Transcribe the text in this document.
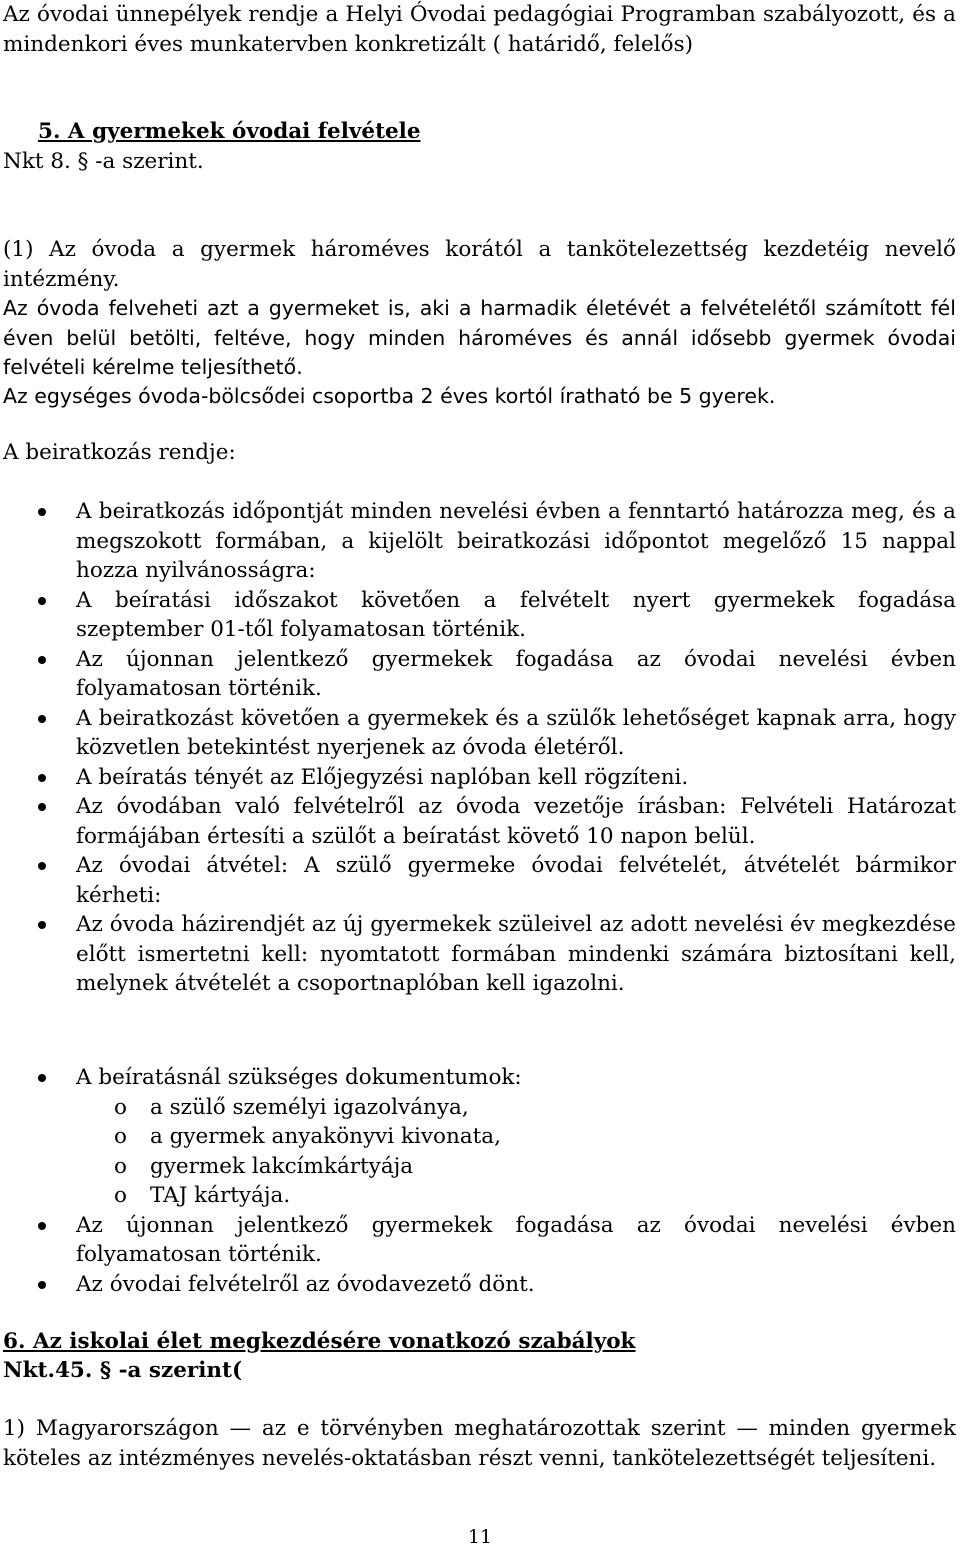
Az óvodai ünnepélyek rendje a Helyi Óvodai pedagógiai Programban szabályozott, és a mindenkori éves munkatervben konkretizált ( határidő, felelős)

5. A gyermekek óvodai felvétele

Nkt 8. § -a szerint.

(1) Az óvoda a gyermek hároméves korától a tankötelezettség kezdetéig nevelő intézmény.

Az óvoda felveheti azt a gyermeket is, aki a harmadik életévét a felvételétől számított fél éven belül betölti, feltéve, hogy minden hároméves és annál idősebb gyermek óvodai felvételi kérelme teljesíthető.

Az egységes óvoda-bölcsődei csoportba 2 éves kortól íratható be 5 gyerek.

A beiratkozás rendje:

A beiratkozás időpontját minden nevelési évben a fenntartó határozza meg, és a megszokott formában, a kijelölt beiratkozási időpontot megelőző 15 nappal hozza nyilvánosságra:
A beíratási időszakot követően a felvételt nyert gyermekek fogadása szeptember 01-től folyamatosan történik.
Az újonnan jelentkező gyermekek fogadása az óvodai nevelési évben folyamatosan történik.
A beiratkozást követően a gyermekek és a szülők lehetőséget kapnak arra, hogy közvetlen betekintést nyerjenek az óvoda életéről.
A beíratás tényét az Előjegyzési naplóban kell rögzíteni.
Az óvodában való felvételről az óvoda vezetője írásban: Felvételi Határozat formájában értesíti a szülőt a beíratást követő 10 napon belül.
Az óvodai átvétel: A szülő gyermeke óvodai felvételét, átvételét bármikor kérheti:
Az óvoda házirendjét az új gyermekek szüleivel az adott nevelési év megkezdése előtt ismertetni kell: nyomtatott formában mindenki számára biztosítani kell, melynek átvételét a csoportnaplóban kell igazolni.
A beíratásnál szükséges dokumentumok:
o a szülő személyi igazolványa,
o a gyermek anyakönyvi kivonata,
o gyermek lakcímkártyája
o TAJ kártyája.
Az újonnan jelentkező gyermekek fogadása az óvodai nevelési évben folyamatosan történik.
Az óvodai felvételről az óvodavezető dönt.

6. Az iskolai élet megkezdésére vonatkozó szabályok

Nkt.45. § -a szerint(

1) Magyarországon — az e törvényben meghatározottak szerint — minden gyermek köteles az intézményes nevelés-oktatásban részt venni, tankötelezettségét teljesíteni.

11
